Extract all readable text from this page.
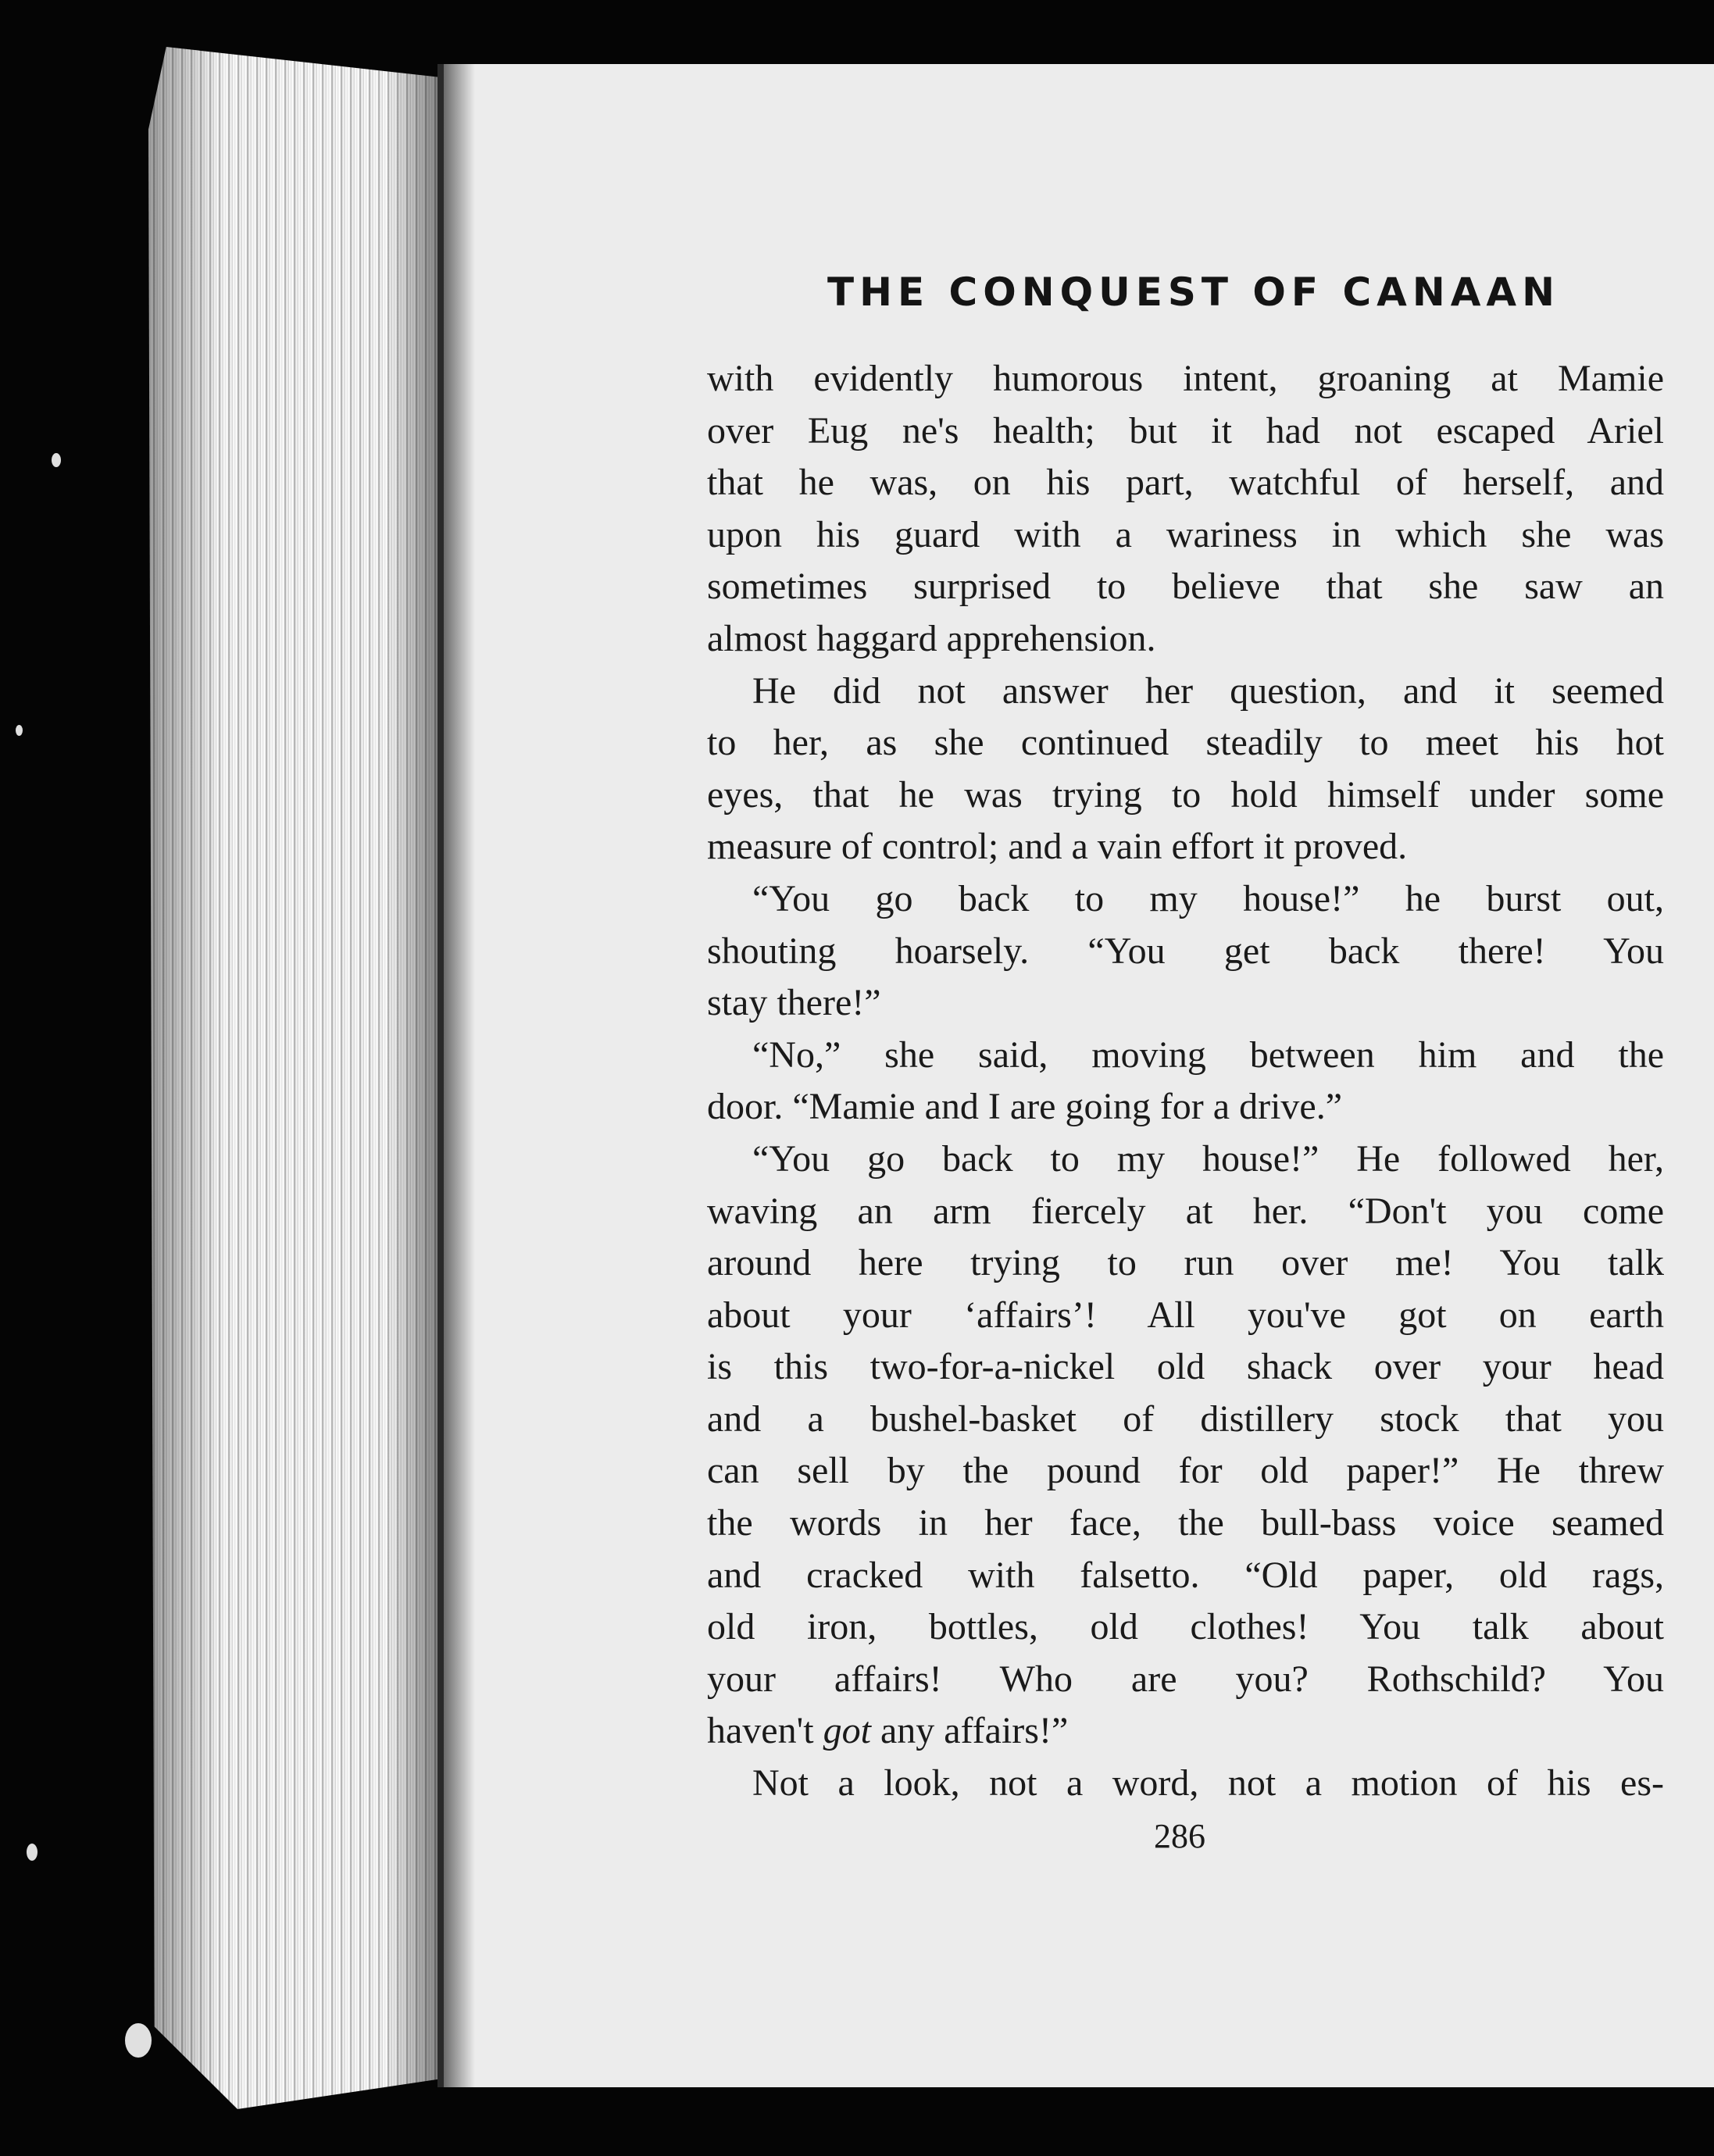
THE CONQUEST OF CANAAN
with evidently humorous intent, groaning at Mamie
over Eug ne's health; but it had not escaped Ariel
that he was, on his part, watchful of herself, and
upon his guard with a wariness in which she was
sometimes surprised to believe that she saw an
almost haggard apprehension.
He did not answer her question, and it seemed
to her, as she continued steadily to meet his hot
eyes, that he was trying to hold himself under some
measure of control; and a vain effort it proved.
“You go back to my house!” he burst out,
shouting hoarsely. “You get back there! You
stay there!”
“No,” she said, moving between him and the
door. “Mamie and I are going for a drive.”
“You go back to my house!” He followed her,
waving an arm fiercely at her. “Don't you come
around here trying to run over me! You talk
about your ‘affairs’! All you've got on earth
is this two-for-a-nickel old shack over your head
and a bushel-basket of distillery stock that you
can sell by the pound for old paper!” He threw
the words in her face, the bull-bass voice seamed
and cracked with falsetto. “Old paper, old rags,
old iron, bottles, old clothes! You talk about
your affairs! Who are you? Rothschild? You
haven't got any affairs!”
Not a look, not a word, not a motion of his es-
286
